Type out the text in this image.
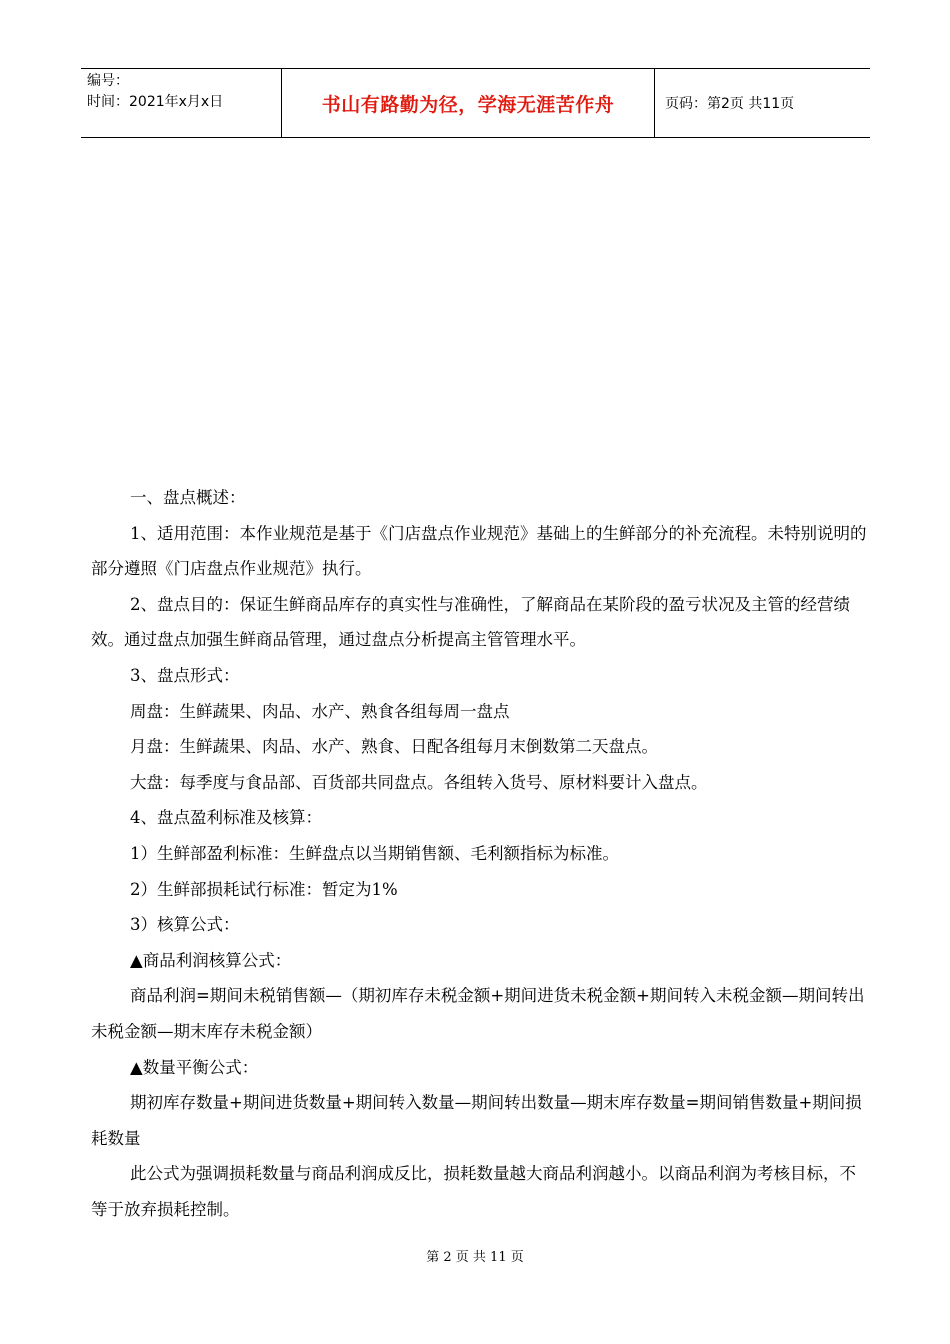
编号：
时间：2021年x月x日	书山有路勤为径，学海无涯苦作舟	页码：第2页 共11页

一、盘点概述：

1、适用范围：本作业规范是基于《门店盘点作业规范》基础上的生鲜部分的补充流程。未特别说明的部分遵照《门店盘点作业规范》执行。

2、盘点目的：保证生鲜商品库存的真实性与准确性，了解商品在某阶段的盈亏状况及主管的经营绩效。通过盘点加强生鲜商品管理，通过盘点分析提高主管管理水平。

3、盘点形式：

周盘：生鲜蔬果、肉品、水产、熟食各组每周一盘点

月盘：生鲜蔬果、肉品、水产、熟食、日配各组每月末倒数第二天盘点。

大盘：每季度与食品部、百货部共同盘点。各组转入货号、原材料要计入盘点。

4、盘点盈利标准及核算：

1）生鲜部盈利标准：生鲜盘点以当期销售额、毛利额指标为标准。

2）生鲜部损耗试行标准：暂定为1%

3）核算公式：

▲商品利润核算公式：

商品利润=期间未税销售额—（期初库存未税金额+期间进货未税金额+期间转入未税金额—期间转出未税金额—期末库存未税金额）

▲数量平衡公式：

期初库存数量+期间进货数量+期间转入数量—期间转出数量—期末库存数量=期间销售数量+期间损耗数量

此公式为强调损耗数量与商品利润成反比，损耗数量越大商品利润越小。以商品利润为考核目标，不等于放弃损耗控制。

第 2 页 共 11 页
